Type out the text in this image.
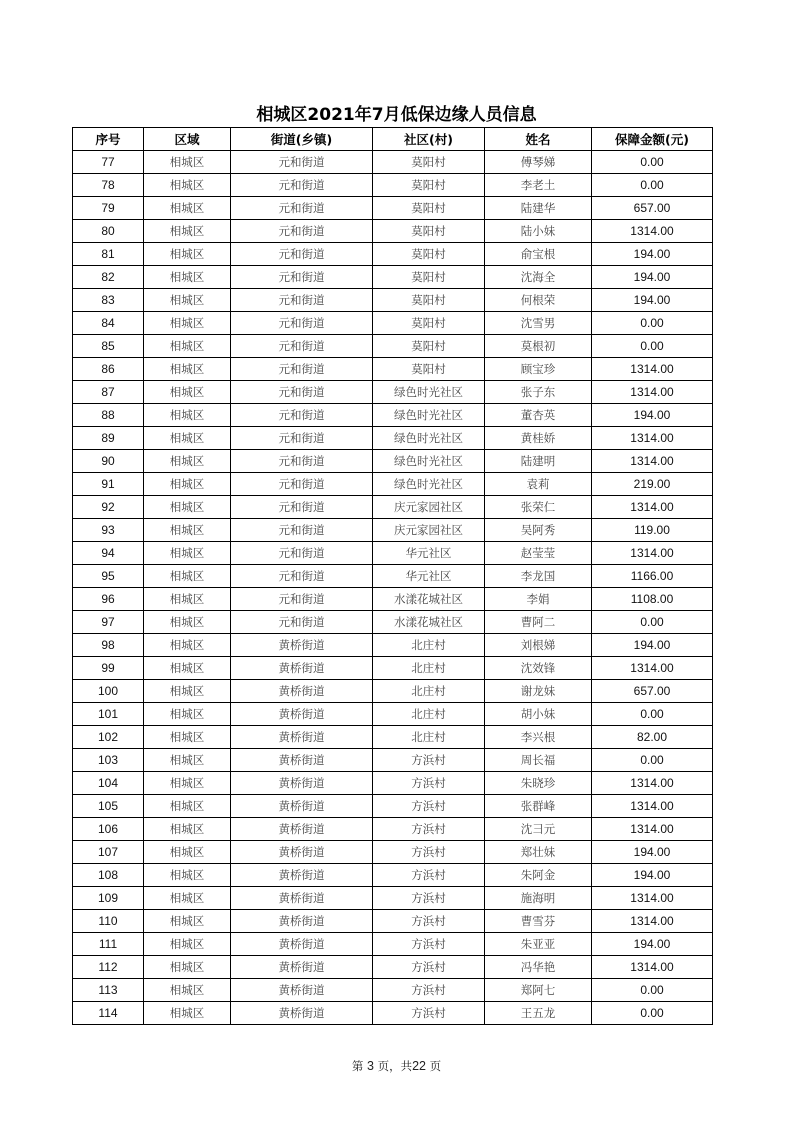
相城区2021年7月低保边缘人员信息
序号	区域	街道(乡镇)	社区(村)	姓名	保障金额(元)
77	相城区	元和街道	莫阳村	傅琴娣	0.00
78	相城区	元和街道	莫阳村	李老土	0.00
79	相城区	元和街道	莫阳村	陆建华	657.00
80	相城区	元和街道	莫阳村	陆小妹	1314.00
81	相城区	元和街道	莫阳村	俞宝根	194.00
82	相城区	元和街道	莫阳村	沈海全	194.00
83	相城区	元和街道	莫阳村	何根荣	194.00
84	相城区	元和街道	莫阳村	沈雪男	0.00
85	相城区	元和街道	莫阳村	莫根初	0.00
86	相城区	元和街道	莫阳村	顾宝珍	1314.00
87	相城区	元和街道	绿色时光社区	张子东	1314.00
88	相城区	元和街道	绿色时光社区	董杏英	194.00
89	相城区	元和街道	绿色时光社区	黄桂娇	1314.00
90	相城区	元和街道	绿色时光社区	陆建明	1314.00
91	相城区	元和街道	绿色时光社区	袁莉	219.00
92	相城区	元和街道	庆元家园社区	张荣仁	1314.00
93	相城区	元和街道	庆元家园社区	吴阿秀	119.00
94	相城区	元和街道	华元社区	赵莹莹	1314.00
95	相城区	元和街道	华元社区	李龙国	1166.00
96	相城区	元和街道	水漾花城社区	李娟	1108.00
97	相城区	元和街道	水漾花城社区	曹阿二	0.00
98	相城区	黄桥街道	北庄村	刘根娣	194.00
99	相城区	黄桥街道	北庄村	沈效锋	1314.00
100	相城区	黄桥街道	北庄村	谢龙妹	657.00
101	相城区	黄桥街道	北庄村	胡小妹	0.00
102	相城区	黄桥街道	北庄村	李兴根	82.00
103	相城区	黄桥街道	方浜村	周长福	0.00
104	相城区	黄桥街道	方浜村	朱晓珍	1314.00
105	相城区	黄桥街道	方浜村	张群峰	1314.00
106	相城区	黄桥街道	方浜村	沈彐元	1314.00
107	相城区	黄桥街道	方浜村	郑壮妹	194.00
108	相城区	黄桥街道	方浜村	朱阿金	194.00
109	相城区	黄桥街道	方浜村	施海明	1314.00
110	相城区	黄桥街道	方浜村	曹雪芬	1314.00
111	相城区	黄桥街道	方浜村	朱亚亚	194.00
112	相城区	黄桥街道	方浜村	冯华艳	1314.00
113	相城区	黄桥街道	方浜村	郑阿七	0.00
114	相城区	黄桥街道	方浜村	王五龙	0.00
第 3 页，共22 页
